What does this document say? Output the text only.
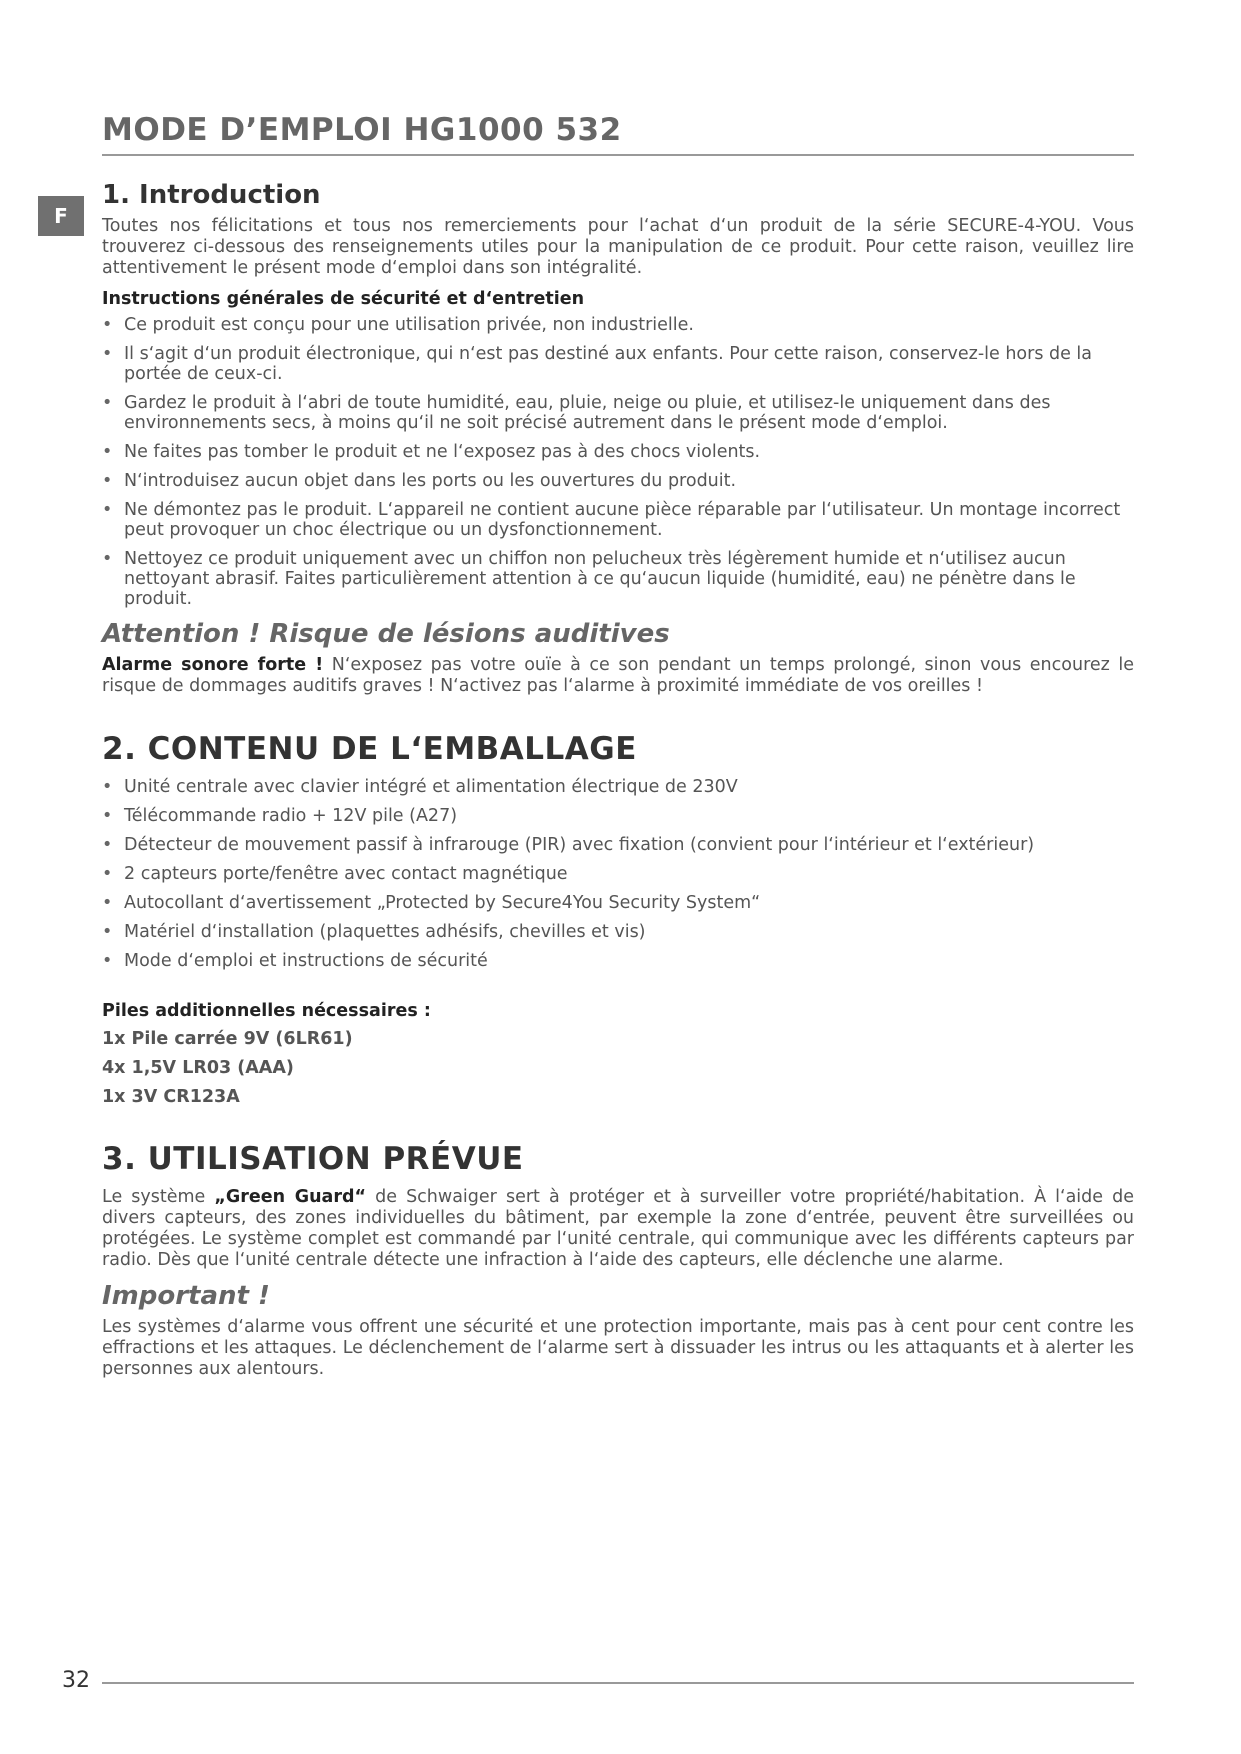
F
MODE D’EMPLOI HG1000 532
1. Introduction

Toutes nos félicitations et tous nos remerciements pour l‘achat d‘un produit de la série SECURE-4-YOU. Vous trouverez ci-dessous des renseignements utiles pour la manipulation de ce produit. Pour cette raison, veuillez lire attentivement le présent mode d‘emploi dans son intégralité.

Instructions générales de sécurité et d‘entretien
• Ce produit est conçu pour une utilisation privée, non industrielle.
• Il s‘agit d‘un produit électronique, qui n‘est pas destiné aux enfants. Pour cette raison, conservez-le hors de la portée de ceux-ci.
• Gardez le produit à l‘abri de toute humidité, eau, pluie, neige ou pluie, et utilisez-le uniquement dans des environnements secs, à moins qu‘il ne soit précisé autrement dans le présent mode d‘emploi.
• Ne faites pas tomber le produit et ne l‘exposez pas à des chocs violents.
• N‘introduisez aucun objet dans les ports ou les ouvertures du produit.
• Ne démontez pas le produit. L‘appareil ne contient aucune pièce réparable par l‘utilisateur. Un montage incorrect peut provoquer un choc électrique ou un dysfonctionnement.
• Nettoyez ce produit uniquement avec un chiffon non pelucheux très légèrement humide et n‘utilisez aucun nettoyant abrasif. Faites particulièrement attention à ce qu‘aucun liquide (humidité, eau) ne pénètre dans le produit.
Attention ! Risque de lésions auditives

Alarme sonore forte ! N‘exposez pas votre ouïe à ce son pendant un temps prolongé, sinon vous encourez le risque de dommages auditifs graves ! N‘activez pas l‘alarme à proximité immédiate de vos oreilles !

2. CONTENU DE L‘EMBALLAGE
• Unité centrale avec clavier intégré et alimentation électrique de 230V
• Télécommande radio + 12V pile (A27)
• Détecteur de mouvement passif à infrarouge (PIR) avec fixation (convient pour l‘intérieur et l‘extérieur)
• 2 capteurs porte/fenêtre avec contact magnétique
• Autocollant d‘avertissement „Protected by Secure4You Security System“
• Matériel d‘installation (plaquettes adhésifs, chevilles et vis)
• Mode d‘emploi et instructions de sécurité
Piles additionnelles nécessaires :
1x Pile carrée 9V (6LR61)
4x 1,5V LR03 (AAA)
1x 3V CR123A
3. UTILISATION PRÉVUE

Le système „Green Guard“ de Schwaiger sert à protéger et à surveiller votre propriété/habitation. À l‘aide de divers capteurs, des zones individuelles du bâtiment, par exemple la zone d‘entrée, peuvent être surveillées ou protégées. Le système complet est commandé par l‘unité centrale, qui communique avec les différents capteurs par radio. Dès que l‘unité centrale détecte une infraction à l‘aide des capteurs, elle déclenche une alarme.

Important !

Les systèmes d‘alarme vous offrent une sécurité et une protection importante, mais pas à cent pour cent contre les effractions et les attaques. Le déclenchement de l‘alarme sert à dissuader les intrus ou les attaquants et à alerter les personnes aux alentours.

32
